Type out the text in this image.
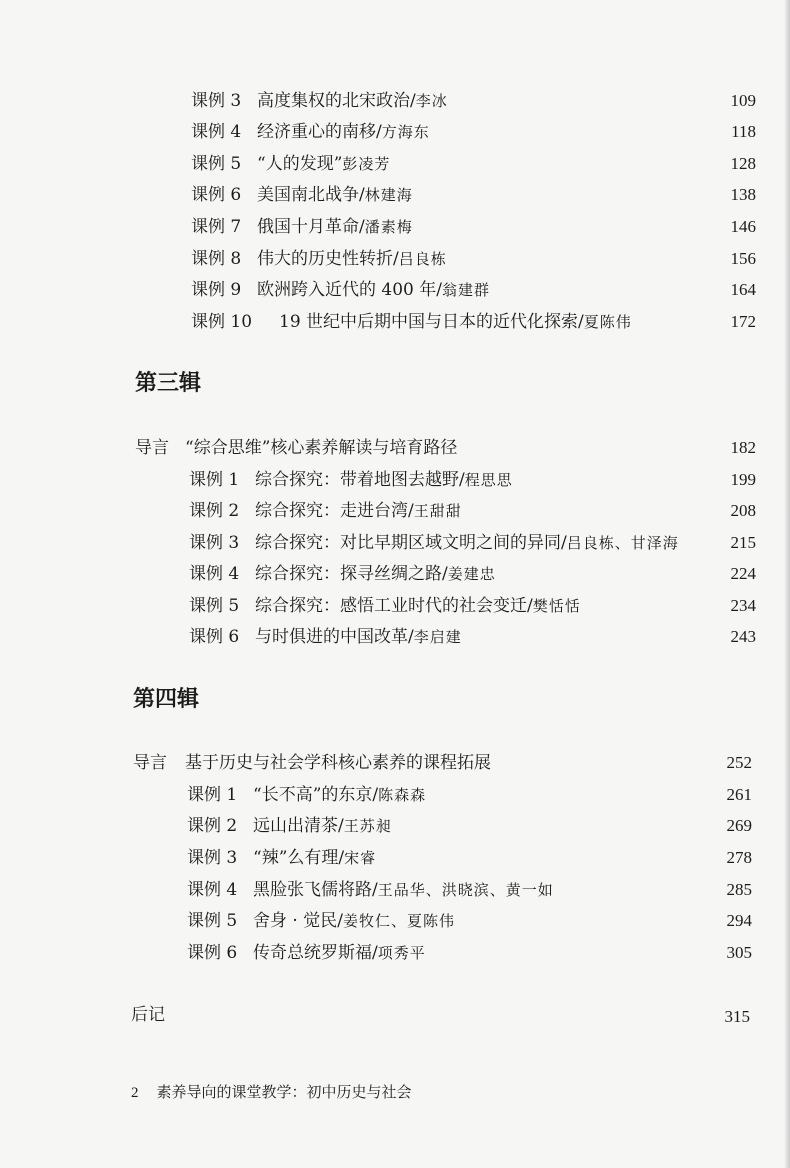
课例 3 高度集权的北宋政治/李冰	109
课例 4 经济重心的南移/方海东	118
课例 5 “人的发现”彭凌芳	128
课例 6 美国南北战争/林建海	138
课例 7 俄国十月革命/潘素梅	146
课例 8 伟大的历史性转折/吕良栋	156
课例 9 欧洲跨入近代的 400 年/翁建群	164
课例 10 19 世纪中后期中国与日本的近代化探索/夏陈伟	172
第三辑
导言 “综合思维”核心素养解读与培育路径	182
课例 1 综合探究：带着地图去越野/程思思	199
课例 2 综合探究：走进台湾/王甜甜	208
课例 3 综合探究：对比早期区域文明之间的异同/吕良栋、甘泽海	215
课例 4 综合探究：探寻丝绸之路/姜建忠	224
课例 5 综合探究：感悟工业时代的社会变迁/樊恬恬	234
课例 6 与时俱进的中国改革/李启建	243
第四辑
导言 基于历史与社会学科核心素养的课程拓展	252
课例 1 “长不高”的东京/陈森森	261
课例 2 远山出清茶/王苏昶	269
课例 3 “辣”么有理/宋睿	278
课例 4 黑脸张飞儒将路/王品华、洪晓滨、黄一如	285
课例 5 舍身 · 觉民/姜牧仁、夏陈伟	294
课例 6 传奇总统罗斯福/项秀平	305
后记	315
2 素养导向的课堂教学：初中历史与社会
